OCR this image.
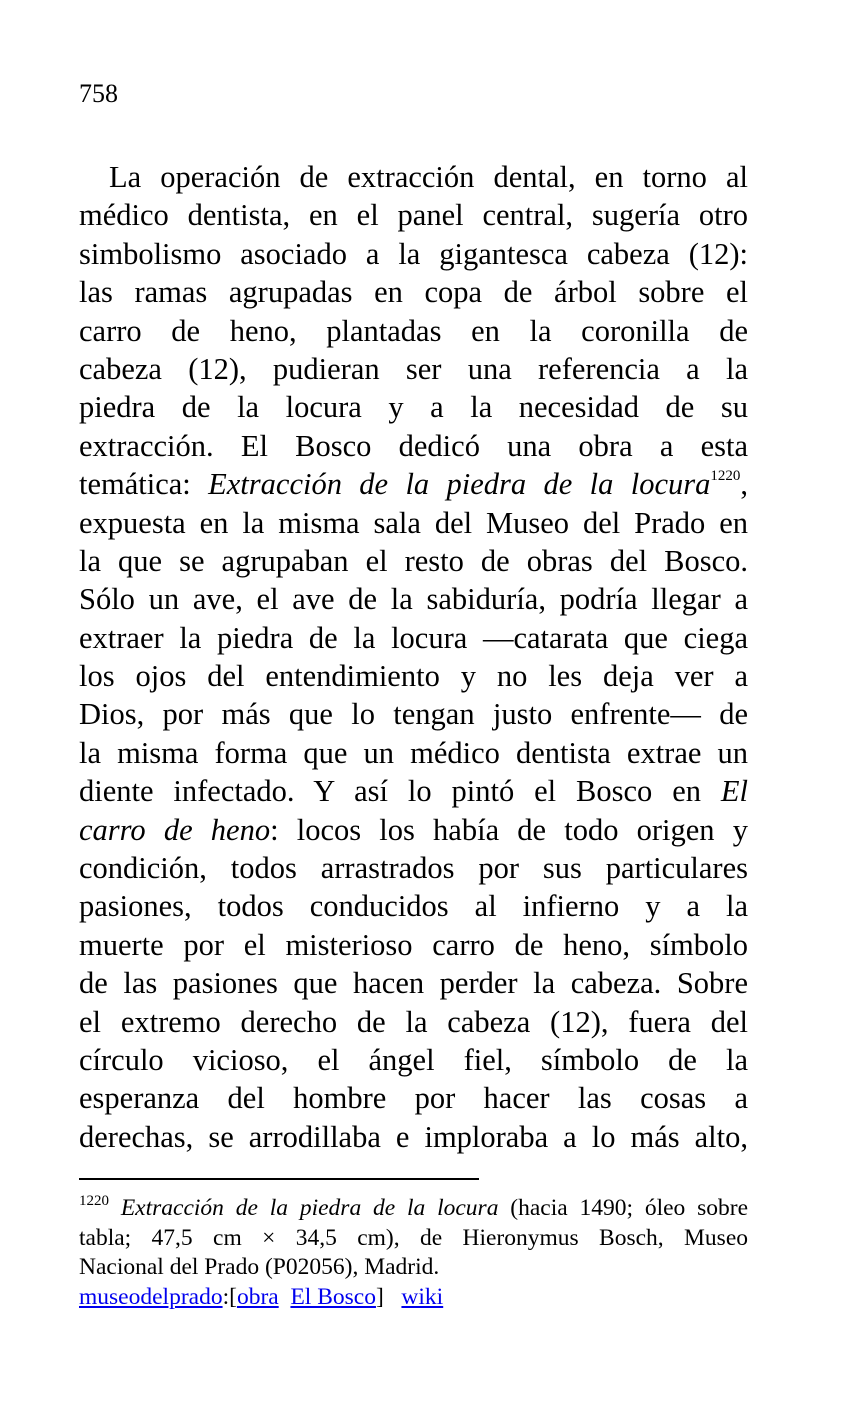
758
La operación de extracción dental, en torno al
médico dentista, en el panel central, sugería otro
simbolismo asociado a la gigantesca cabeza (12):
las ramas agrupadas en copa de árbol sobre el
carro de heno, plantadas en la coronilla de
cabeza (12), pudieran ser una referencia a la
piedra de la locura y a la necesidad de su
extracción. El Bosco dedicó una obra a esta
temática: Extracción de la piedra de la locura$^{1220}$,
expuesta en la misma sala del Museo del Prado en
la que se agrupaban el resto de obras del Bosco.
Sólo un ave, el ave de la sabiduría, podría llegar a
extraer la piedra de la locura —catarata que ciega
los ojos del entendimiento y no les deja ver a
Dios, por más que lo tengan justo enfrente— de
la misma forma que un médico dentista extrae un
diente infectado. Y así lo pintó el Bosco en El
carro de heno: locos los había de todo origen y
condición, todos arrastrados por sus particulares
pasiones, todos conducidos al infierno y a la
muerte por el misterioso carro de heno, símbolo
de las pasiones que hacen perder la cabeza. Sobre
el extremo derecho de la cabeza (12), fuera del
círculo vicioso, el ángel fiel, símbolo de la
esperanza del hombre por hacer las cosas a
derechas, se arrodillaba e imploraba a lo más alto,
$^{1220}$ Extracción de la piedra de la locura (hacia 1490; óleo sobre
tabla; 47,5 cm × 34,5 cm), de Hieronymus Bosch, Museo
Nacional del Prado (P02056), Madrid.
museodelprado:[obra El Bosco] wiki
